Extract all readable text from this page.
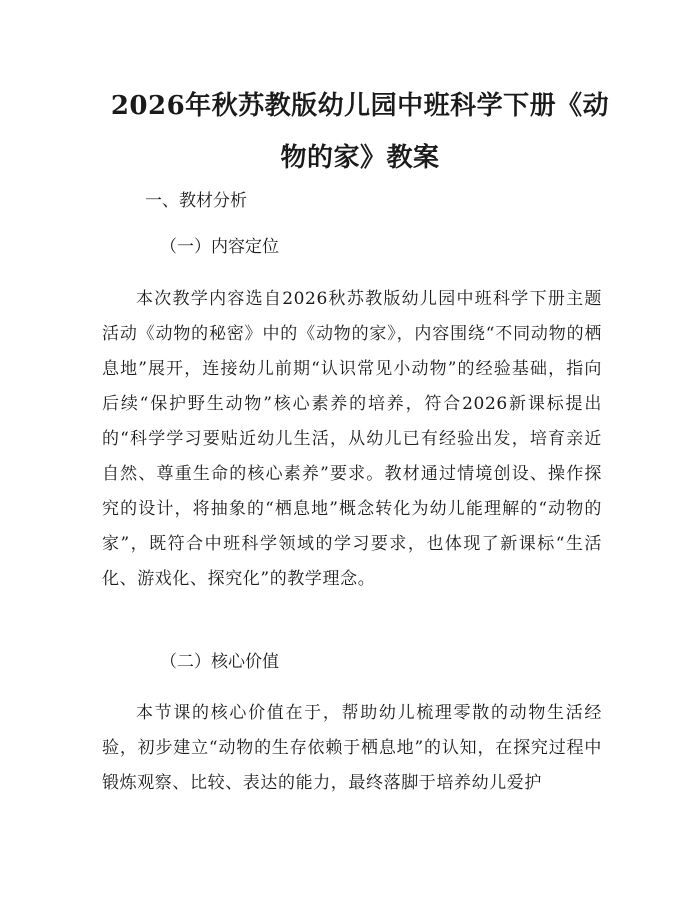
2026年秋苏教版幼儿园中班科学下册《动物的家》教案

一、教材分析

（一）内容定位

本次教学内容选自2026秋苏教版幼儿园中班科学下册主题活动《动物的秘密》中的《动物的家》，内容围绕“不同动物的栖息地”展开，连接幼儿前期“认识常见小动物”的经验基础，指向后续“保护野生动物”核心素养的培养，符合2026新课标提出的“科学学习要贴近幼儿生活，从幼儿已有经验出发，培育亲近自然、尊重生命的核心素养”要求。教材通过情境创设、操作探究的设计，将抽象的“栖息地”概念转化为幼儿能理解的“动物的家”，既符合中班科学领域的学习要求，也体现了新课标“生活化、游戏化、探究化”的教学理念。

（二）核心价值

本节课的核心价值在于，帮助幼儿梳理零散的动物生活经验，初步建立“动物的生存依赖于栖息地”的认知，在探究过程中锻炼观察、比较、表达的能力，最终落脚于培养幼儿爱护
